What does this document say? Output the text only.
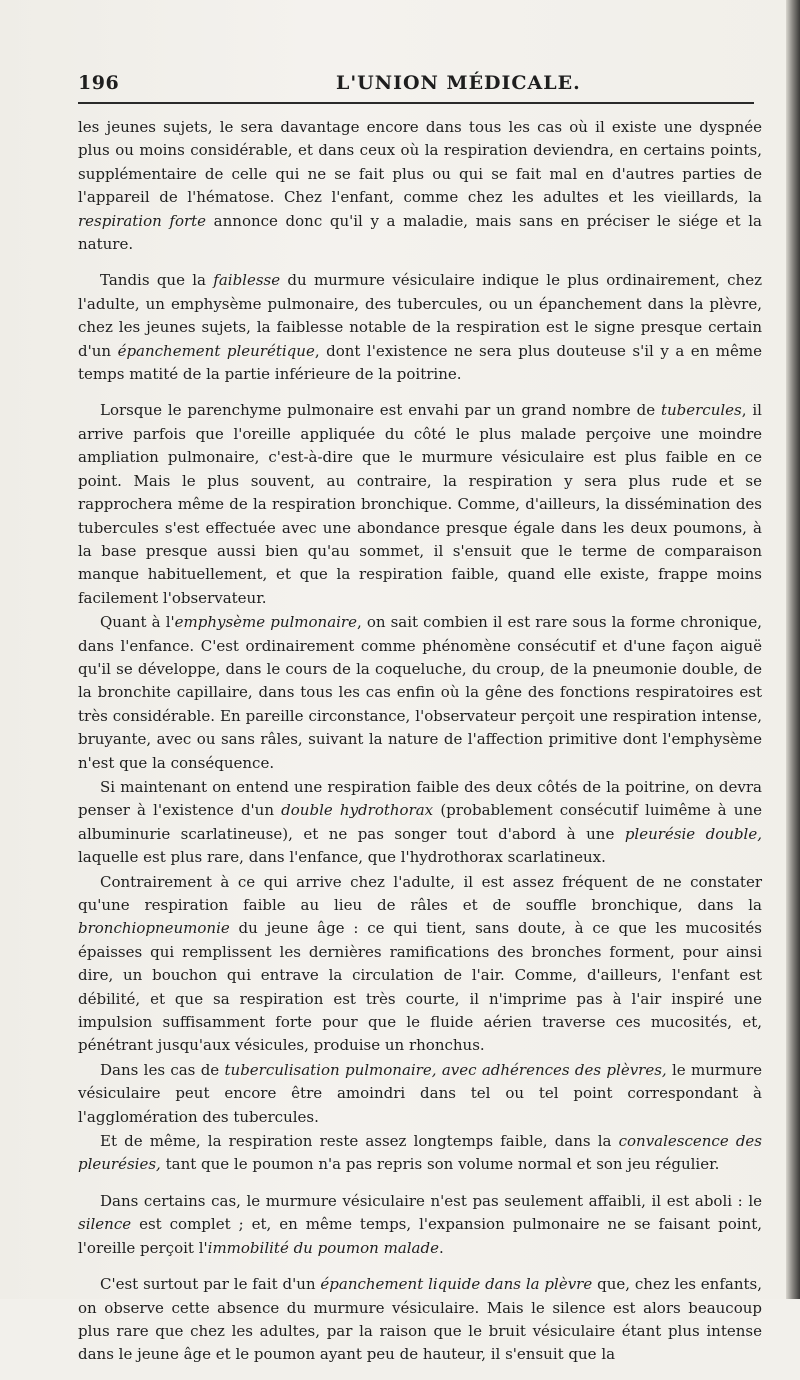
196	L'UNION MÉDICALE.

les jeunes sujets, le sera davantage encore dans tous les cas où il existe une dyspnée plus ou moins considérable, et dans ceux où la respiration deviendra, en certains points, supplémentaire de celle qui ne se fait plus ou qui se fait mal en d'autres parties de l'appareil de l'hématose. Chez l'enfant, comme chez les adultes et les vieillards, la respiration forte annonce donc qu'il y a maladie, mais sans en préciser le siége et la nature.

Tandis que la faiblesse du murmure vésiculaire indique le plus ordinairement, chez l'adulte, un emphysème pulmonaire, des tubercules, ou un épanchement dans la plèvre, chez les jeunes sujets, la faiblesse notable de la respiration est le signe presque certain d'un épanchement pleurétique, dont l'existence ne sera plus douteuse s'il y a en même temps matité de la partie inférieure de la poitrine.

Lorsque le parenchyme pulmonaire est envahi par un grand nombre de tubercules, il arrive parfois que l'oreille appliquée du côté le plus malade perçoive une moindre ampliation pulmonaire, c'est-à-dire que le murmure vésiculaire est plus faible en ce point. Mais le plus souvent, au contraire, la respiration y sera plus rude et se rapprochera même de la respiration bronchique. Comme, d'ailleurs, la dissémination des tubercules s'est effectuée avec une abondance presque égale dans les deux poumons, à la base presque aussi bien qu'au sommet, il s'ensuit que le terme de comparaison manque habituellement, et que la respiration faible, quand elle existe, frappe moins facilement l'observateur.

Quant à l'emphysème pulmonaire, on sait combien il est rare sous la forme chronique, dans l'enfance. C'est ordinairement comme phénomène consécutif et d'une façon aiguë qu'il se développe, dans le cours de la coqueluche, du croup, de la pneumonie double, de la bronchite capillaire, dans tous les cas enfin où la gêne des fonctions respiratoires est très considérable. En pareille circonstance, l'observateur perçoit une respiration intense, bruyante, avec ou sans râles, suivant la nature de l'affection primitive dont l'emphysème n'est que la conséquence.

Si maintenant on entend une respiration faible des deux côtés de la poitrine, on devra penser à l'existence d'un double hydrothorax (probablement consécutif luimême à une albuminurie scarlatineuse), et ne pas songer tout d'abord à une pleurésie double, laquelle est plus rare, dans l'enfance, que l'hydrothorax scarlatineux.

Contrairement à ce qui arrive chez l'adulte, il est assez fréquent de ne constater qu'une respiration faible au lieu de râles et de souffle bronchique, dans la bronchiopneumonie du jeune âge : ce qui tient, sans doute, à ce que les mucosités épaisses qui remplissent les dernières ramifications des bronches forment, pour ainsi dire, un bouchon qui entrave la circulation de l'air. Comme, d'ailleurs, l'enfant est débilité, et que sa respiration est très courte, il n'imprime pas à l'air inspiré une impulsion suffisamment forte pour que le fluide aérien traverse ces mucosités, et, pénétrant jusqu'aux vésicules, produise un rhonchus.

Dans les cas de tuberculisation pulmonaire, avec adhérences des plèvres, le murmure vésiculaire peut encore être amoindri dans tel ou tel point correspondant à l'agglomération des tubercules.

Et de même, la respiration reste assez longtemps faible, dans la convalescence des pleurésies, tant que le poumon n'a pas repris son volume normal et son jeu régulier.

Dans certains cas, le murmure vésiculaire n'est pas seulement affaibli, il est aboli : le silence est complet ; et, en même temps, l'expansion pulmonaire ne se faisant point, l'oreille perçoit l'immobilité du poumon malade.

C'est surtout par le fait d'un épanchement liquide dans la plèvre que, chez les enfants, on observe cette absence du murmure vésiculaire. Mais le silence est alors beaucoup plus rare que chez les adultes, par la raison que le bruit vésiculaire étant plus intense dans le jeune âge et le poumon ayant peu de hauteur, il s'ensuit que la
